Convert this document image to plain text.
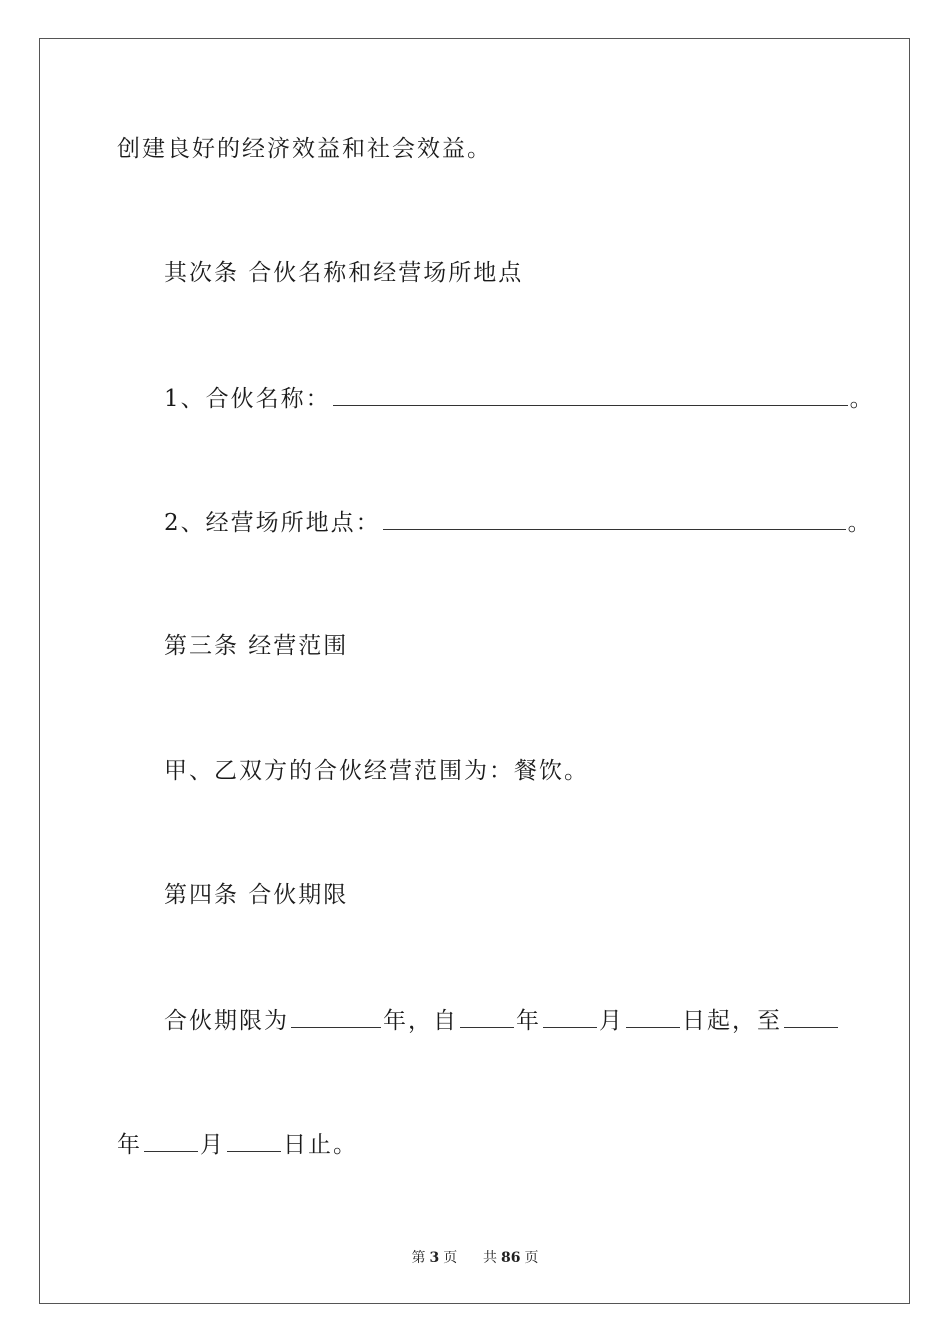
创建良好的经济效益和社会效益。
其次条 合伙名称和经营场所地点
1、合伙名称：	。
2、经营场所地点：	。
第三条 经营范围
甲、乙双方的合伙经营范围为：餐饮。
第四条 合伙期限
合伙期限为	年，自	年	月	日起，至
年	月	日止。
第 3 页 共 86 页
